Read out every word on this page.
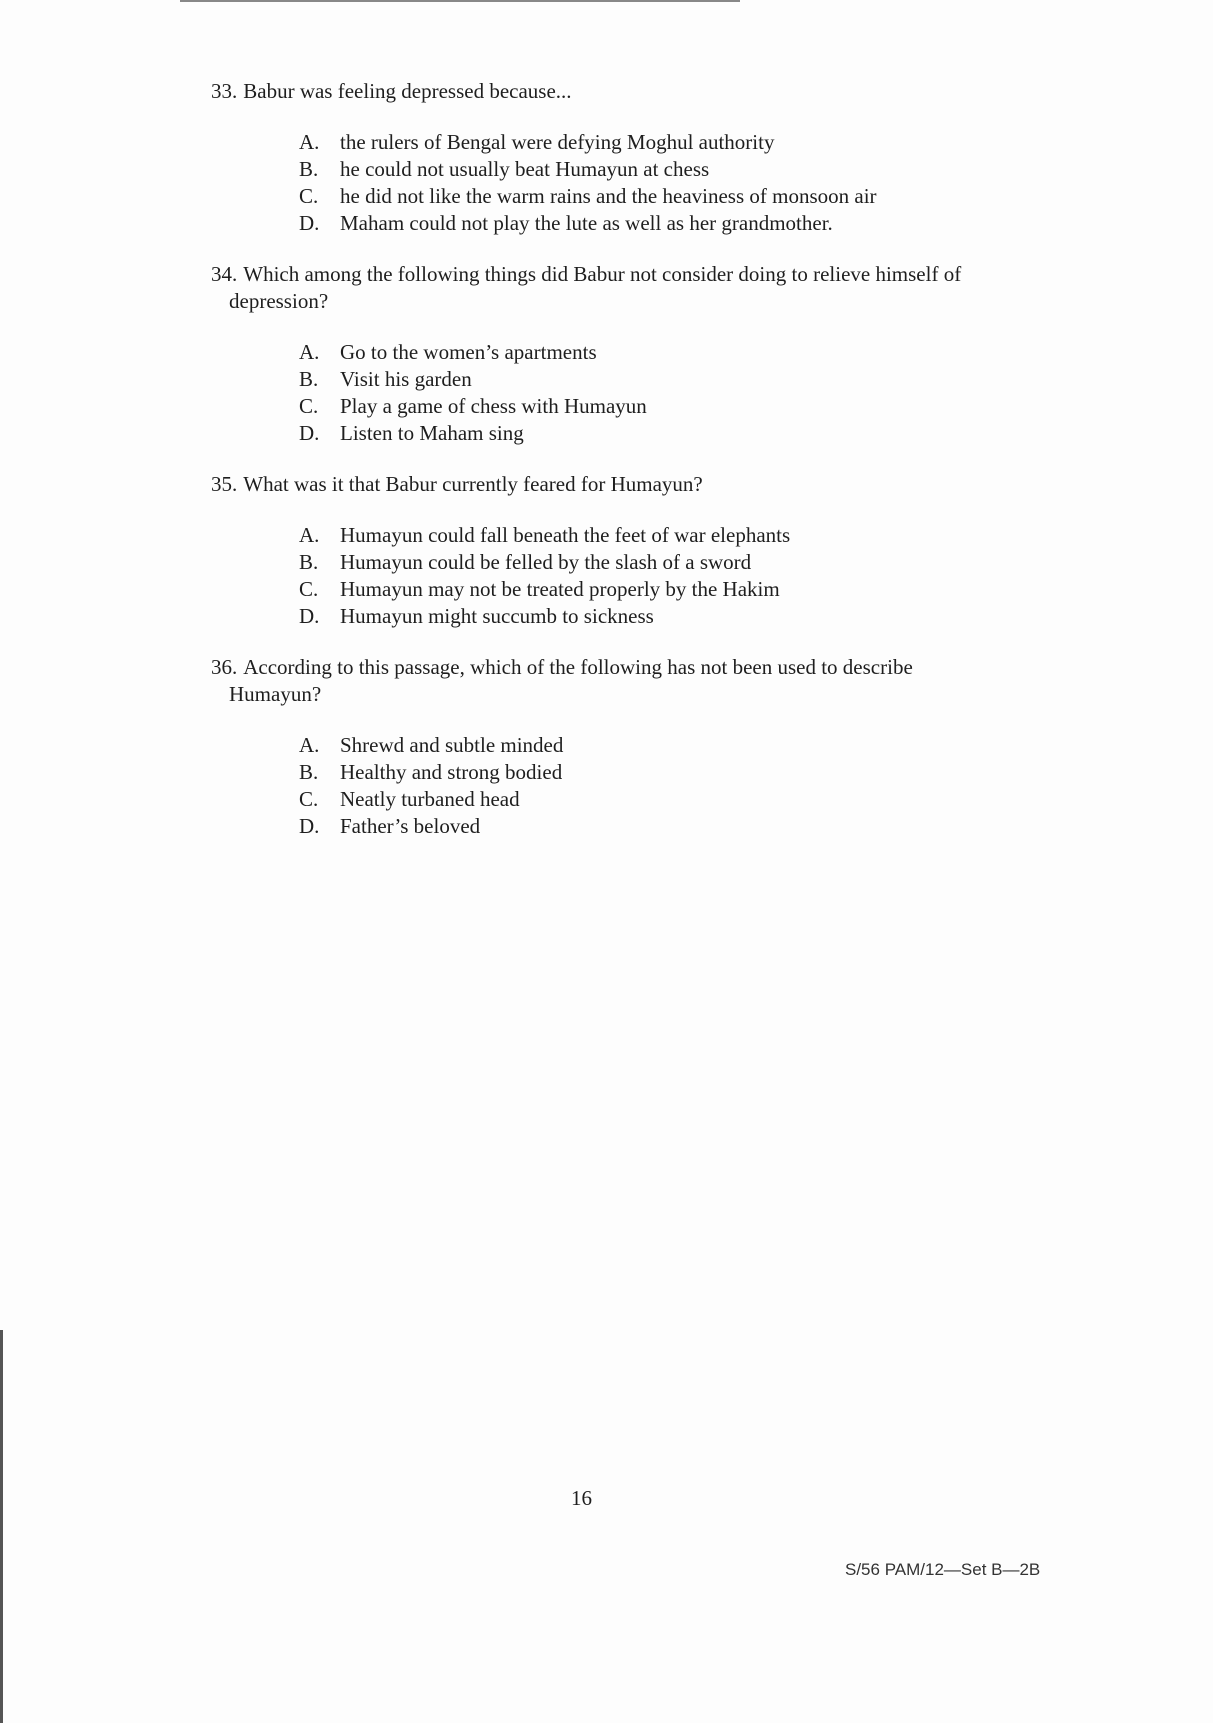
33. Babur was feeling depressed because...

A. the rulers of Bengal were defying Moghul authority
B.	he could not usually beat Humayun at chess
C.	he did not like the warm rains and the heaviness of monsoon air
D. Maham could not play the lute as well as her grandmother.

34. Which among the following things did Babur not consider doing to relieve himself of depression?

A. Go to the women’s apartments
B.	Visit his garden
C.	Play a game of chess with Humayun
D. Listen to Maham sing

35. What was it that Babur currently feared for Humayun?

A. Humayun could fall beneath the feet of war elephants
B.	Humayun could be felled by the slash of a sword
C.	Humayun may not be treated properly by the Hakim
D. Humayun might succumb to sickness

36. According to this passage, which of the following has not been used to describe Humayun?

A. Shrewd and subtle minded
B.	Healthy and strong bodied
C.	Neatly turbaned head
D. Father’s beloved
16
S/56 PAM/12—Set B—2B
